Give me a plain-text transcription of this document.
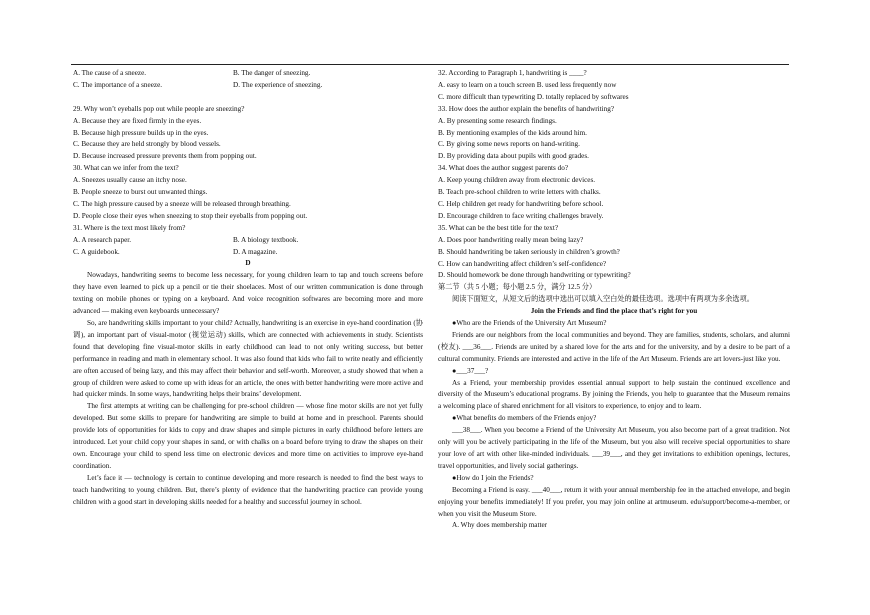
A. The cause of a sneeze.	B. The danger of sneezing.
C. The importance of a sneeze.	D. The experience of sneezing.
29. Why won’t eyeballs pop out while people are sneezing?
A. Because they are fixed firmly in the eyes.
B. Because high pressure builds up in the eyes.
C. Because they are held strongly by blood vessels.
D. Because increased pressure prevents them from popping out.
30. What can we infer from the text?
A. Sneezes usually cause an itchy nose.
B. People sneeze to burst out unwanted things.
C. The high pressure caused by a sneeze will be released through breathing.
D. People close their eyes when sneezing to stop their eyeballs from popping out.
31. Where is the text most likely from?
A. A research paper.	B. A biology textbook.
C. A guidebook.	D. A magazine.
D

Nowadays, handwriting seems to become less necessary, for young children learn to tap and touch screens before they have even learned to pick up a pencil or tie their shoelaces. Most of our written communication is done through texting on mobile phones or typing on a keyboard. And voice recognition softwares are becoming more and more advanced — making even keyboards unnecessary?

So, are handwriting skills important to your child? Actually, handwriting is an exercise in eye-hand coordination (协调), an important part of visual-motor (视觉运动) skills, which are connected with achievements in study. Scientists found that developing fine visual-motor skills in early childhood can lead to not only writing success, but better performance in reading and math in elementary school. It was also found that kids who fail to write neatly and efficiently are often accused of being lazy, and this may affect their behavior and self-worth. Moreover, a study showed that when a group of children were asked to come up with ideas for an article, the ones with better handwriting were more active and had quicker minds. In some ways, handwriting helps their brains’ development.

The first attempts at writing can be challenging for pre-school children — whose fine motor skills are not yet fully developed. But some skills to prepare for handwriting are simple to build at home and in preschool. Parents should provide lots of opportunities for kids to copy and draw shapes and simple pictures in early childhood before letters are introduced. Let your child copy your shapes in sand, or with chalks on a board before trying to draw the shapes on their own. Encourage your child to spend less time on electronic devices and more time on activities to improve eye-hand coordination.

Let’s face it — technology is certain to continue developing and more research is needed to find the best ways to teach handwriting to young children. But, there’s plenty of evidence that the handwriting practice can provide young children with a good start in developing skills needed for a healthy and successful journey in school.

32. According to Paragraph 1, handwriting is ____?
A. easy to learn on a touch screen B. used less frequently now
C. more difficult than typewriting D. totally replaced by softwares
33. How does the author explain the benefits of handwriting?
A. By presenting some research findings.
B. By mentioning examples of the kids around him.
C. By giving some news reports on hand-writing.
D. By providing data about pupils with good grades.
34. What does the author suggest parents do?
A. Keep young children away from electronic devices.
B. Teach pre-school children to write letters with chalks.
C. Help children get ready for handwriting before school.
D. Encourage children to face writing challenges bravely.
35. What can be the best title for the text?
A. Does poor handwriting really mean being lazy?
B. Should handwriting be taken seriously in children’s growth?
C. How can handwriting affect children’s self-confidence?
D. Should homework be done through handwriting or typewriting?
第二节（共 5 小题；每小题 2.5 分，满分 12.5 分）
阅读下面短文，从短文后的选项中选出可以填入空白处的最佳选项。选项中有两项为多余选项。
Join the Friends and find the place that’s right for you
●Who are the Friends of the University Art Museum?

Friends are our neighbors from the local communities and beyond. They are families, students, scholars, and alumni (校友). ___36___. Friends are united by a shared love for the arts and for the university, and by a desire to be part of a cultural community. Friends are interested and active in the life of the Art Museum. Friends are art lovers-just like you.

●___37___?

As a Friend, your membership provides essential annual support to help sustain the continued excellence and diversity of the Museum’s educational programs. By joining the Friends, you help to guarantee that the Museum remains a welcoming place of shared enrichment for all visitors to experience, to enjoy and to learn.

●What benefits do members of the Friends enjoy?

___38___. When you become a Friend of the University Art Museum, you also become part of a great tradition. Not only will you be actively participating in the life of the Museum, but you also will receive special opportunities to share your love of art with other like-minded individuals. ___39___, and they get invitations to exhibition openings, lectures, travel opportunities, and lively social gatherings.

●How do I join the Friends?

Becoming a Friend is easy. ___40___, return it with your annual membership fee in the attached envelope, and begin enjoying your benefits immediately! If you prefer, you may join online at artmuseum. edu/support/become-a-member, or when you visit the Museum Store.

A. Why does membership matter
